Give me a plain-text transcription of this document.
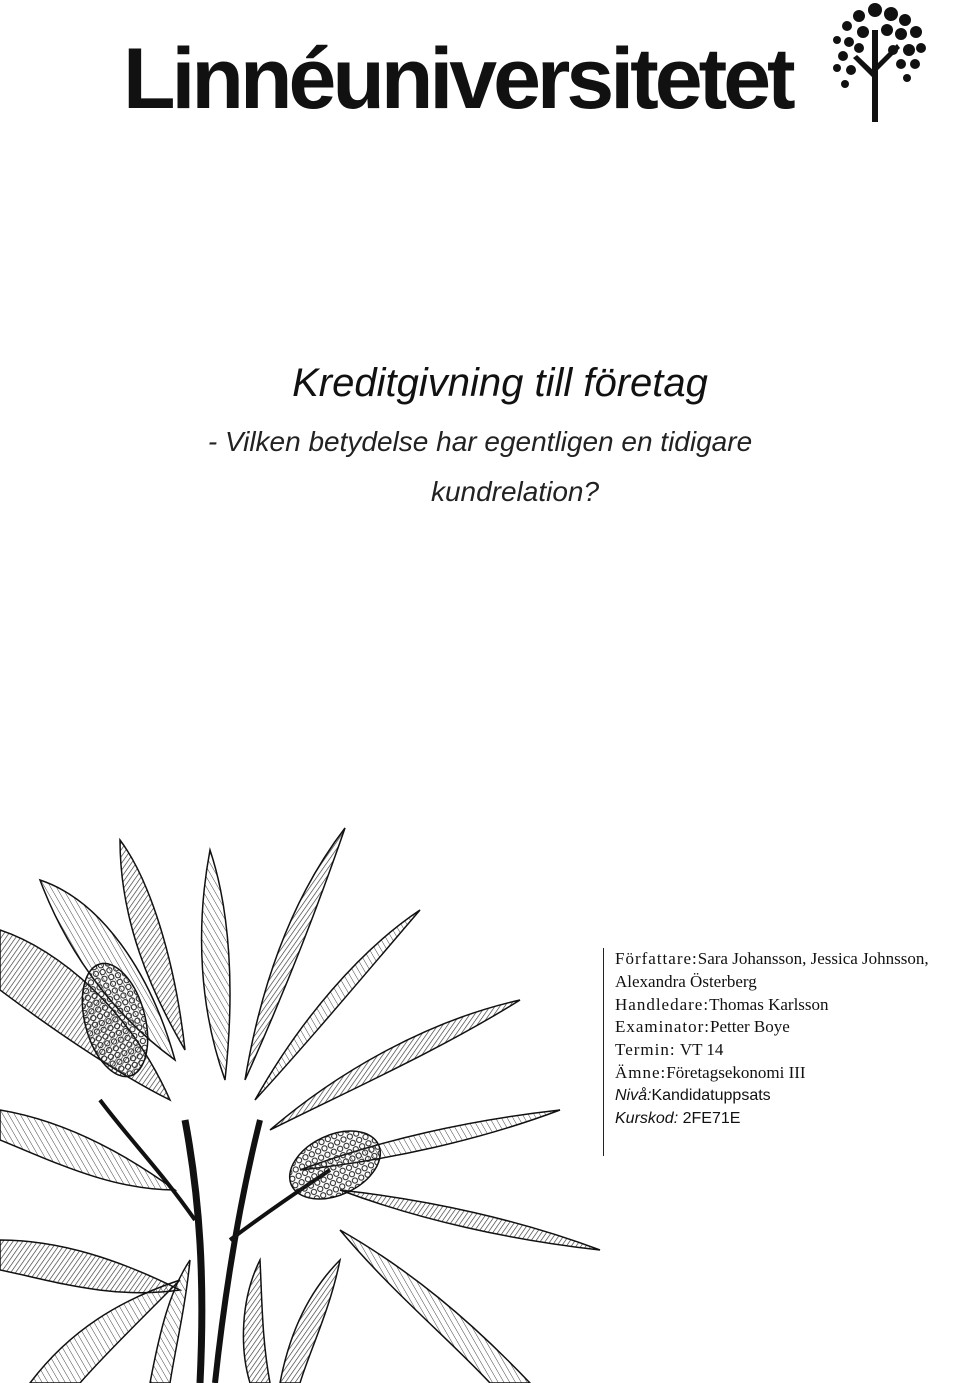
Linnéuniversitetet

Kreditgivning till företag

- Vilken betydelse har egentligen en tidigare
kundrelation?

Författare:Sara Johansson, Jessica Johnsson,
Alexandra Österberg
Handledare:Thomas Karlsson
Examinator:Petter Boye
Termin: VT 14
Ämne:Företagsekonomi III
Nivå:Kandidatuppsats
Kurskod: 2FE71E
